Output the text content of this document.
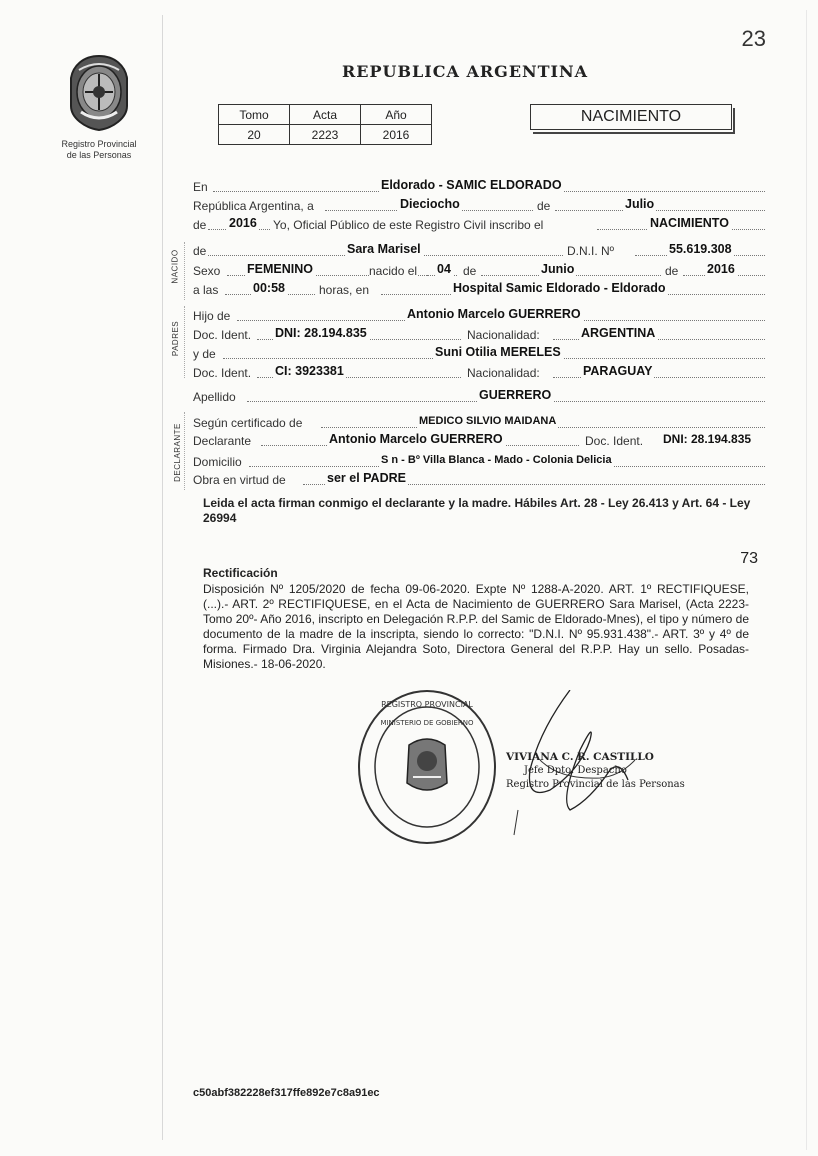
23
Registro Provincial
de las Personas
REPUBLICA ARGENTINA
Tomo	Acta	Año
20	2223	2016
NACIMIENTO
NACIDO
PADRES
DECLARANTE
En	Eldorado - SAMIC ELDORADO
República Argentina, a	Dieciocho	de	Julio
de 2016 Yo, Oficial Público de este Registro Civil inscribo el	NACIMIENTO
de	Sara Marisel	D.N.I. Nº	55.619.308
Sexo FEMENINO	nacido el 04 de	Junio	de 2016
a las	00:58	horas, en	Hospital Samic Eldorado - Eldorado
Hijo de	Antonio Marcelo GUERRERO
Doc. Ident. DNI: 28.194.835	Nacionalidad:	ARGENTINA
y de	Suni Otilia MERELES
Doc. Ident. CI: 3923381	Nacionalidad:	PARAGUAY
Apellido	GUERRERO
Según certificado de	MEDICO SILVIO MAIDANA
Declarante	Antonio Marcelo GUERRERO	Doc. Ident. DNI: 28.194.835
Domicilio	S n - Bº Villa Blanca - Mado - Colonia Delicia
Obra en virtud de	ser el PADRE
Leida el acta firman conmigo el declarante y la madre. Hábiles Art. 28 - Ley 26.413 y Art. 64 - Ley 26994
73
Rectificación
Disposición Nº 1205/2020 de fecha 09-06-2020. Expte Nº 1288-A-2020. ART. 1º RECTIFIQUESE, (...).- ART. 2º RECTIFIQUESE, en el Acta de Nacimiento de GUERRERO Sara Marisel, (Acta 2223- Tomo 20º- Año 2016, inscripto en Delegación R.P.P. del Samic de Eldorado-Mnes), el tipo y número de documento de la madre de la inscripta, siendo lo correcto: "D.N.I. Nº 95.931.438".- ART. 3º y 4º de forma. Firmado Dra. Virginia Alejandra Soto, Directora General del R.P.P. Hay un sello. Posadas-Misiones.- 18-06-2020.
REGISTRO PROVINCIAL
MINISTERIO DE GOBIERNO
VIVIANA C. R. CASTILLO
Jefe Dpto. Despacho
Registro Provincial de las Personas
c50abf382228ef317ffe892e7c8a91ec
